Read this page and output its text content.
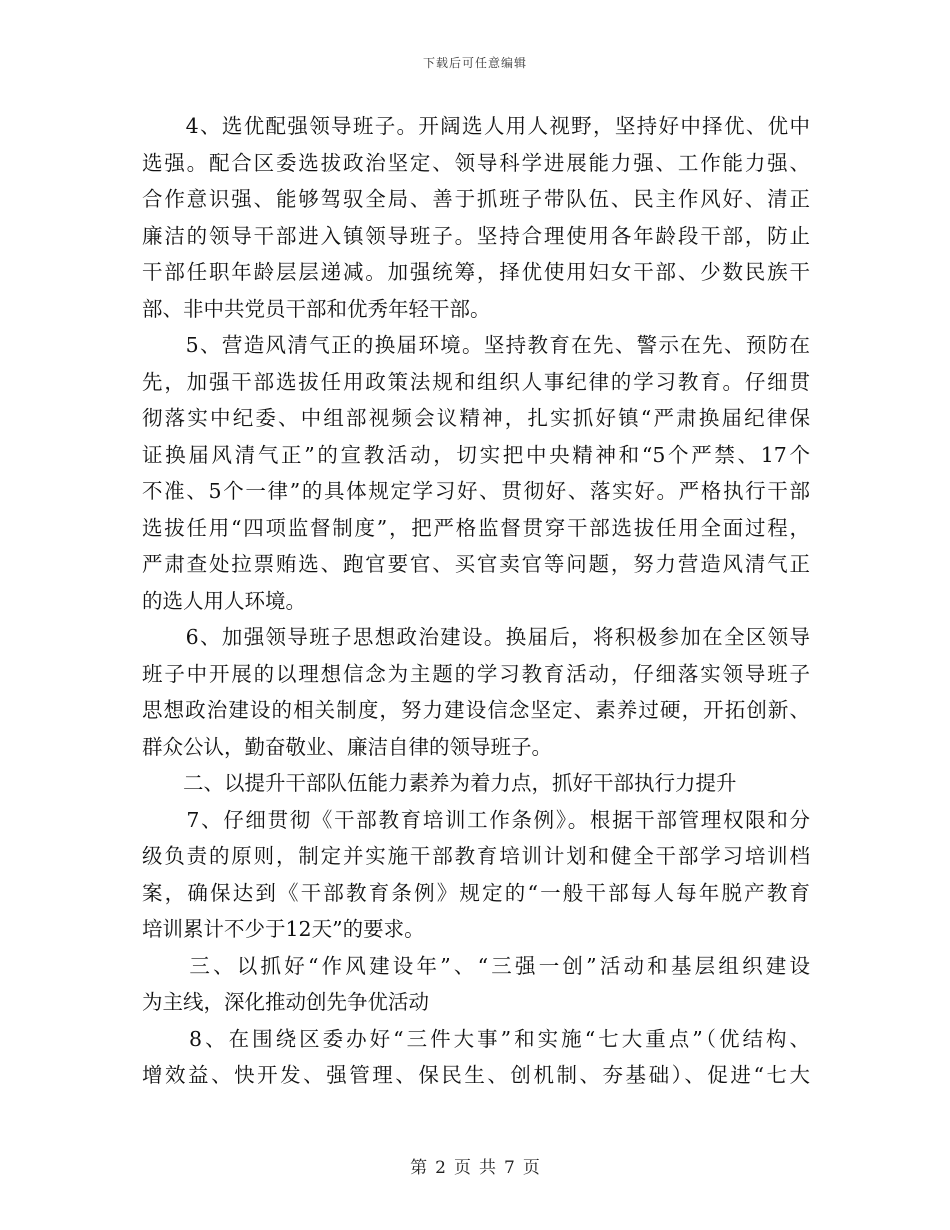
下载后可任意编辑
　　4、选优配强领导班子。开阔选人用人视野，坚持好中择优、优中
选强。配合区委选拔政治坚定、领导科学进展能力强、工作能力强、
合作意识强、能够驾驭全局、善于抓班子带队伍、民主作风好、清正
廉洁的领导干部进入镇领导班子。坚持合理使用各年龄段干部，防止
干部任职年龄层层递减。加强统筹，择优使用妇女干部、少数民族干
部、非中共党员干部和优秀年轻干部。
　　5、营造风清气正的换届环境。坚持教育在先、警示在先、预防在
先，加强干部选拔任用政策法规和组织人事纪律的学习教育。仔细贯
彻落实中纪委、中组部视频会议精神，扎实抓好镇“严肃换届纪律保
证换届风清气正”的宣教活动，切实把中央精神和“5个严禁、17个
不准、5个一律”的具体规定学习好、贯彻好、落实好。严格执行干部
选拔任用“四项监督制度”，把严格监督贯穿干部选拔任用全面过程，
严肃查处拉票贿选、跑官要官、买官卖官等问题，努力营造风清气正
的选人用人环境。
　　6、加强领导班子思想政治建设。换届后，将积极参加在全区领导
班子中开展的以理想信念为主题的学习教育活动，仔细落实领导班子
思想政治建设的相关制度，努力建设信念坚定、素养过硬，开拓创新、
群众公认，勤奋敬业、廉洁自律的领导班子。
　　二、以提升干部队伍能力素养为着力点，抓好干部执行力提升
　　7、仔细贯彻《干部教育培训工作条例》。根据干部管理权限和分
级负责的原则，制定并实施干部教育培训计划和健全干部学习培训档
案，确保达到《干部教育条例》规定的“一般干部每人每年脱产教育
培训累计不少于12天”的要求。
　　三、以抓好“作风建设年”、“三强一创”活动和基层组织建设
为主线，深化推动创先争优活动
　　8、在围绕区委办好“三件大事”和实施“七大重点”（优结构、
增效益、快开发、强管理、保民生、创机制、夯基础）、促进“七大
第 2 页 共 7 页
